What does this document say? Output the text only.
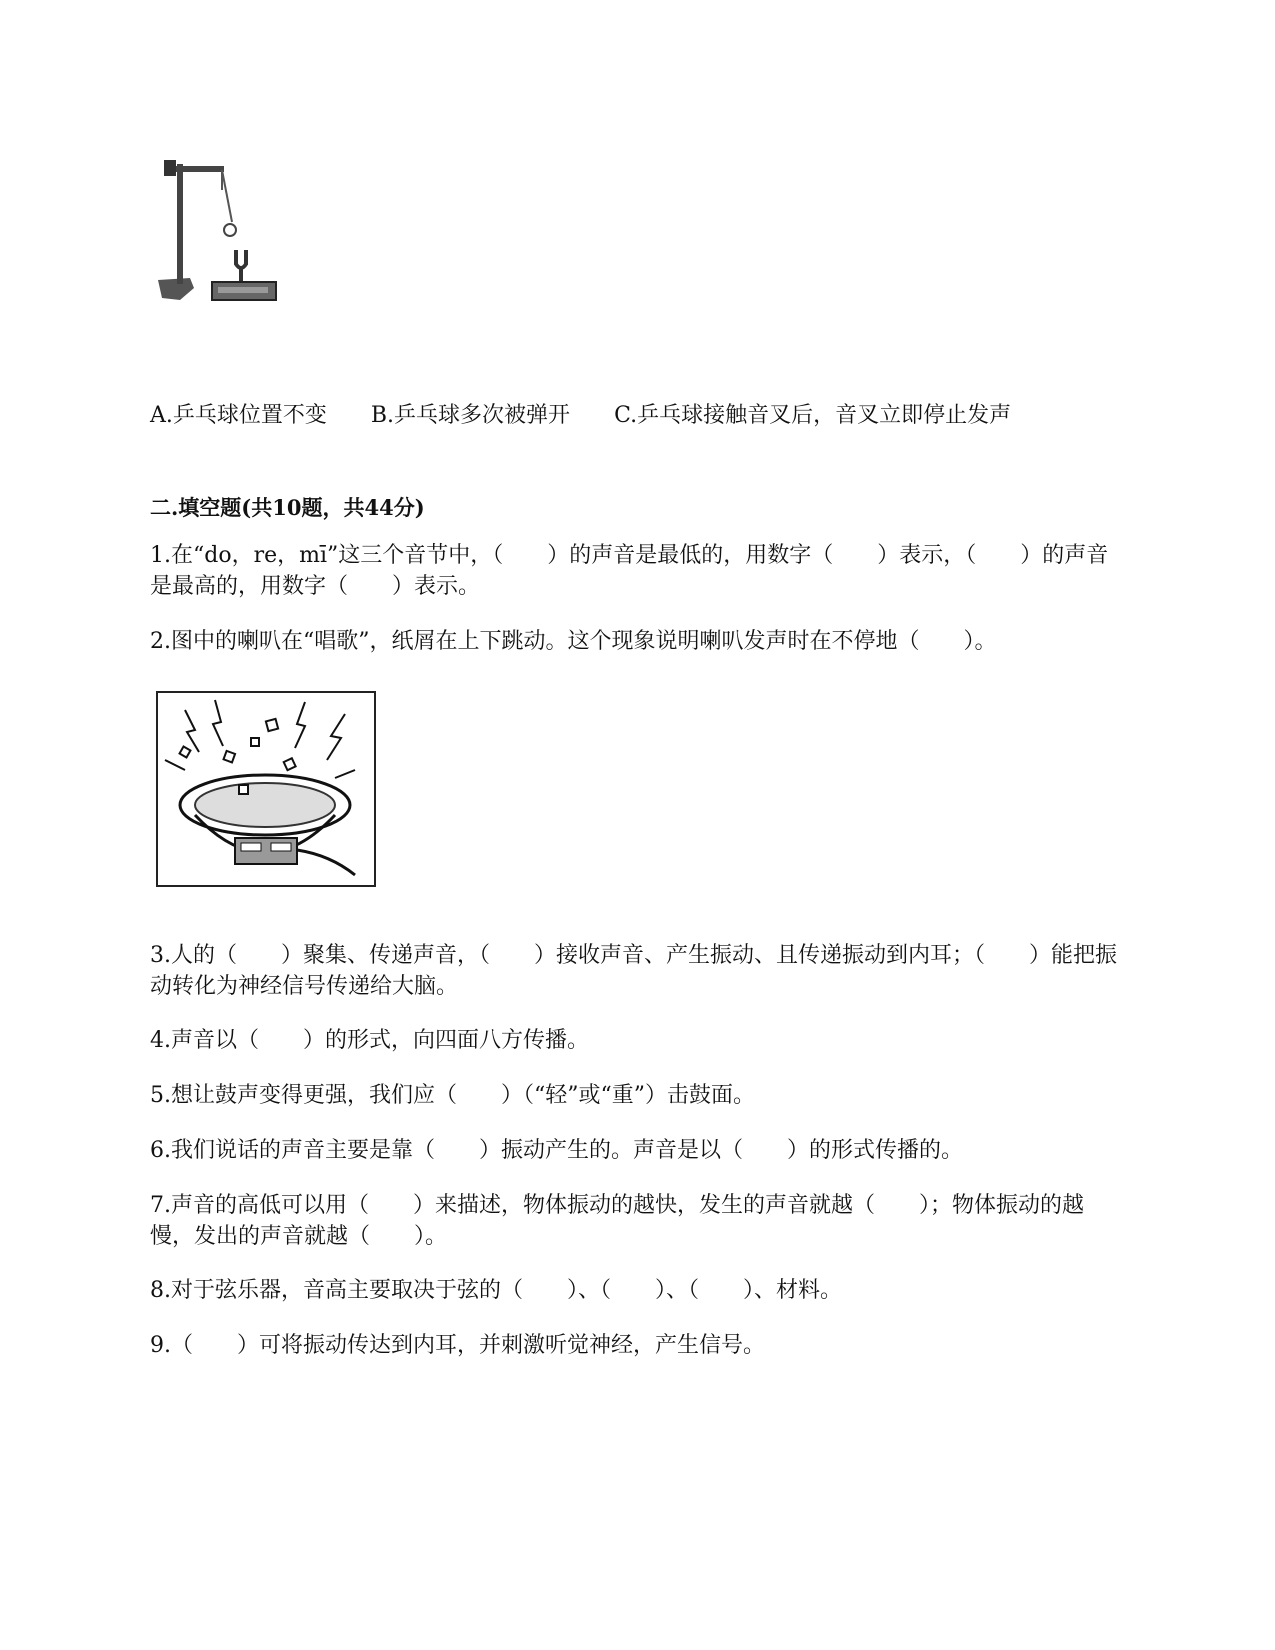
A.乒乓球位置不变 B.乒乓球多次被弹开 C.乒乓球接触音叉后，音叉立即停止发声
二.填空题(共10题，共44分)
1.在“do，re，mī”这三个音节中，（　　）的声音是最低的，用数字（　　）表示，（　　）的声音是最高的，用数字（　　）表示。
2.图中的喇叭在“唱歌”，纸屑在上下跳动。这个现象说明喇叭发声时在不停地（　　）。
3.人的（　　）聚集、传递声音，（　　）接收声音、产生振动、且传递振动到内耳；（　　）能把振动转化为神经信号传递给大脑。
4.声音以（　　）的形式，向四面八方传播。
5.想让鼓声变得更强，我们应（　　）（“轻”或“重”）击鼓面。
6.我们说话的声音主要是靠（　　）振动产生的。声音是以（　　）的形式传播的。
7.声音的高低可以用（　　）来描述，物体振动的越快，发生的声音就越（　　）；物体振动的越慢，发出的声音就越（　　）。
8.对于弦乐器，音高主要取决于弦的（　　）、（　　）、（　　）、材料。
9.（　　）可将振动传达到内耳，并刺激听觉神经，产生信号。
